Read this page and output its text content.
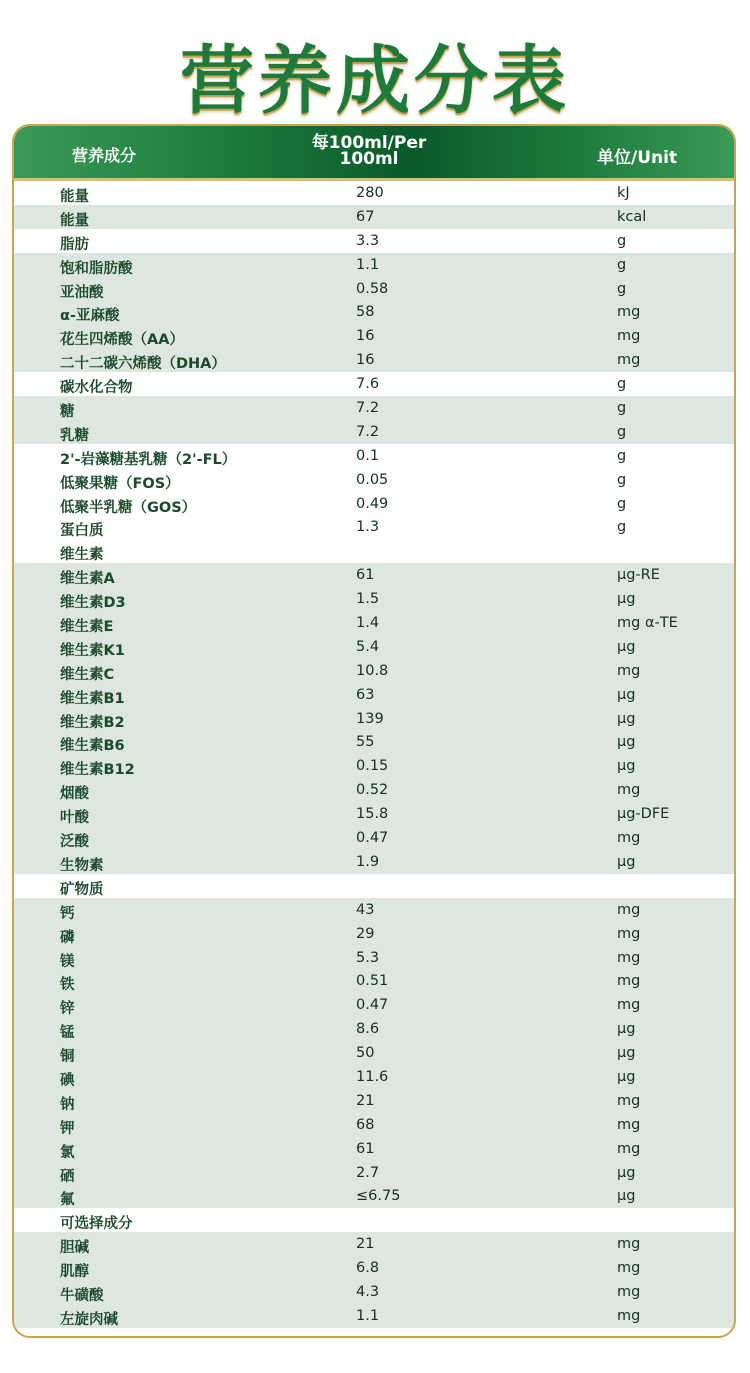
营养成分表
营养成分
每100ml/Per 100ml	单位/Unit
能量	280	kJ
能量	67	kcal
脂肪	3.3	g
饱和脂肪酸	1.1	g
亚油酸	0.58	g
α-亚麻酸	58	mg
花生四烯酸（AA）	16	mg
二十二碳六烯酸（DHA）	16	mg
碳水化合物	7.6	g
糖	7.2	g
乳糖	7.2	g
2'-岩藻糖基乳糖（2'-FL）	0.1	g
低聚果糖（FOS）	0.05	g
低聚半乳糖（GOS）	0.49	g
蛋白质	1.3	g
维生素
维生素A	61	μg-RE
维生素D3	1.5	μg
维生素E	1.4	mg α-TE
维生素K1	5.4	μg
维生素C	10.8	mg
维生素B1	63	μg
维生素B2	139	μg
维生素B6	55	μg
维生素B12	0.15	μg
烟酸	0.52	mg
叶酸	15.8	μg-DFE
泛酸	0.47	mg
生物素	1.9	μg
矿物质
钙	43	mg
磷	29	mg
镁	5.3	mg
铁	0.51	mg
锌	0.47	mg
锰	8.6	μg
铜	50	μg
碘	11.6	μg
钠	21	mg
钾	68	mg
氯	61	mg
硒	2.7	μg
氟	≤6.75	μg
可选择成分
胆碱	21	mg
肌醇	6.8	mg
牛磺酸	4.3	mg
左旋肉碱	1.1	mg
